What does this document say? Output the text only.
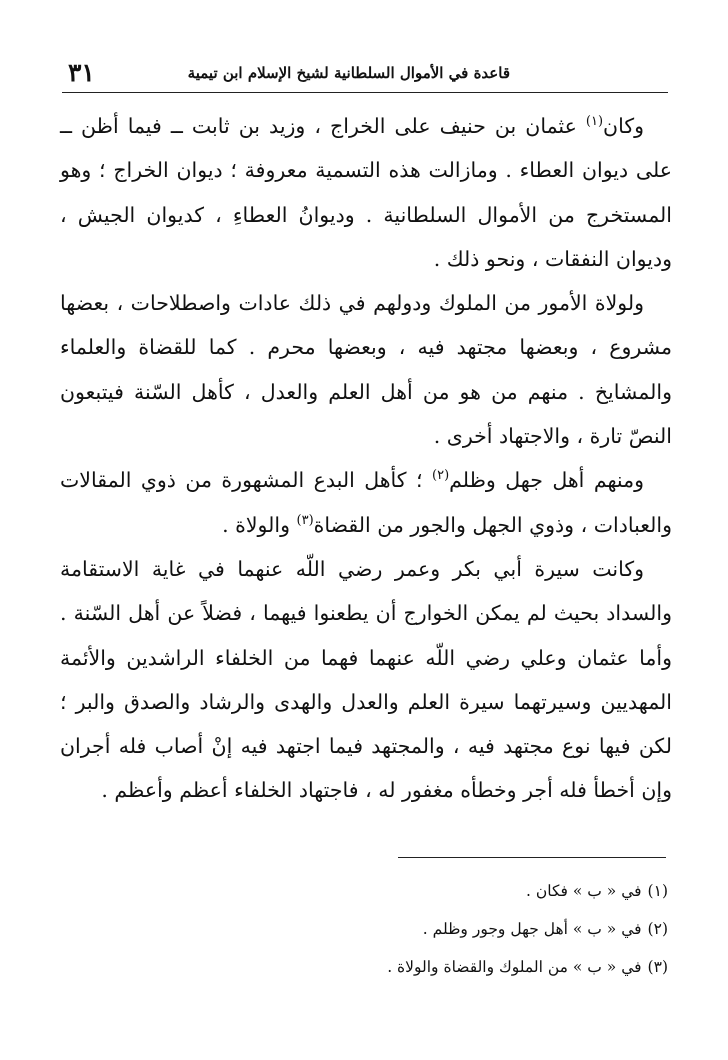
قاعدة في الأموال السلطانية لشيخ الإسلام ابن تيمية
٣١

وكان$^{(١)}$ عثمان بن حنيف على الخراج ، وزيد بن ثابت ــ فيما أظن ــ على ديوان العطاء . ومازالت هذه التسمية معروفة ؛ ديوان الخراج ؛ وهو المستخرج من الأموال السلطانية . وديوانُ العطاءِ ، كديوان الجيش ، وديوان النفقات ، ونحو ذلك .

ولولاة الأمور من الملوك ودولهم في ذلك عادات واصطلاحات ، بعضها مشروع ، وبعضها مجتهد فيه ، وبعضها محرم . كما للقضاة والعلماء والمشايخ . منهم من هو من أهل العلم والعدل ، كأهل السّنة فيتبعون النصّ تارة ، والاجتهاد أخرى .

ومنهم أهل جهل وظلم$^{(٢)}$ ؛ كأهل البدع المشهورة من ذوي المقالات والعبادات ، وذوي الجهل والجور من القضاة$^{(٣)}$ والولاة .

وكانت سيرة أبي بكر وعمر رضي اللّه عنهما في غاية الاستقامة والسداد بحيث لم يمكن الخوارج أن يطعنوا فيهما ، فضلاً عن أهل السّنة . وأما عثمان وعلي رضي اللّه عنهما فهما من الخلفاء الراشدين والأئمة المهديين وسيرتهما سيرة العلم والعدل والهدى والرشاد والصدق والبر ؛ لكن فيها نوع مجتهد فيه ، والمجتهد فيما اجتهد فيه إنْ أصاب فله أجران وإن أخطأ فله أجر وخطأه مغفور له ، فاجتهاد الخلفاء أعظم وأعظم .

(١)في « ب » فكان .

(٢)في « ب » أهل جهل وجور وظلم .

(٣)في « ب » من الملوك والقضاة والولاة .
